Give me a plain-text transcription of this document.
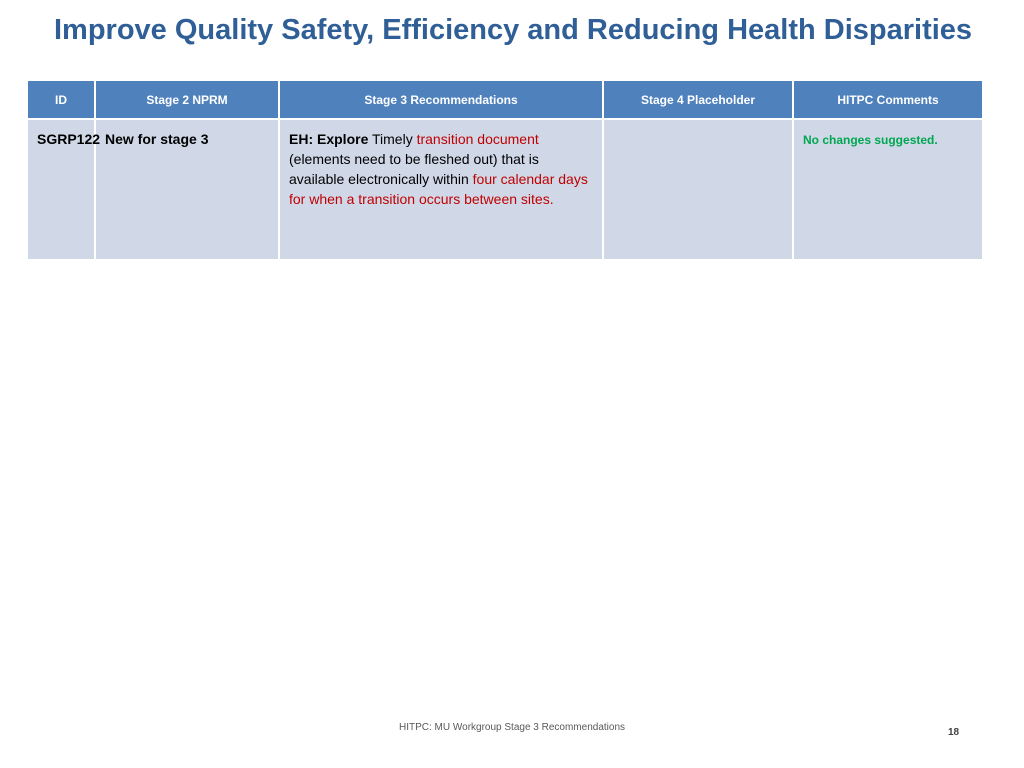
Improve Quality Safety, Efficiency and Reducing Health Disparities
ID	Stage 2 NPRM	Stage 3 Recommendations	Stage 4 Placeholder	HITPC Comments
SGRP122	New for stage 3	EH: Explore Timely transition document (elements need to be fleshed out) that is available electronically within four calendar days for when a transition occurs between sites.		No changes suggested.
HITPC: MU Workgroup Stage 3 Recommendations	18
